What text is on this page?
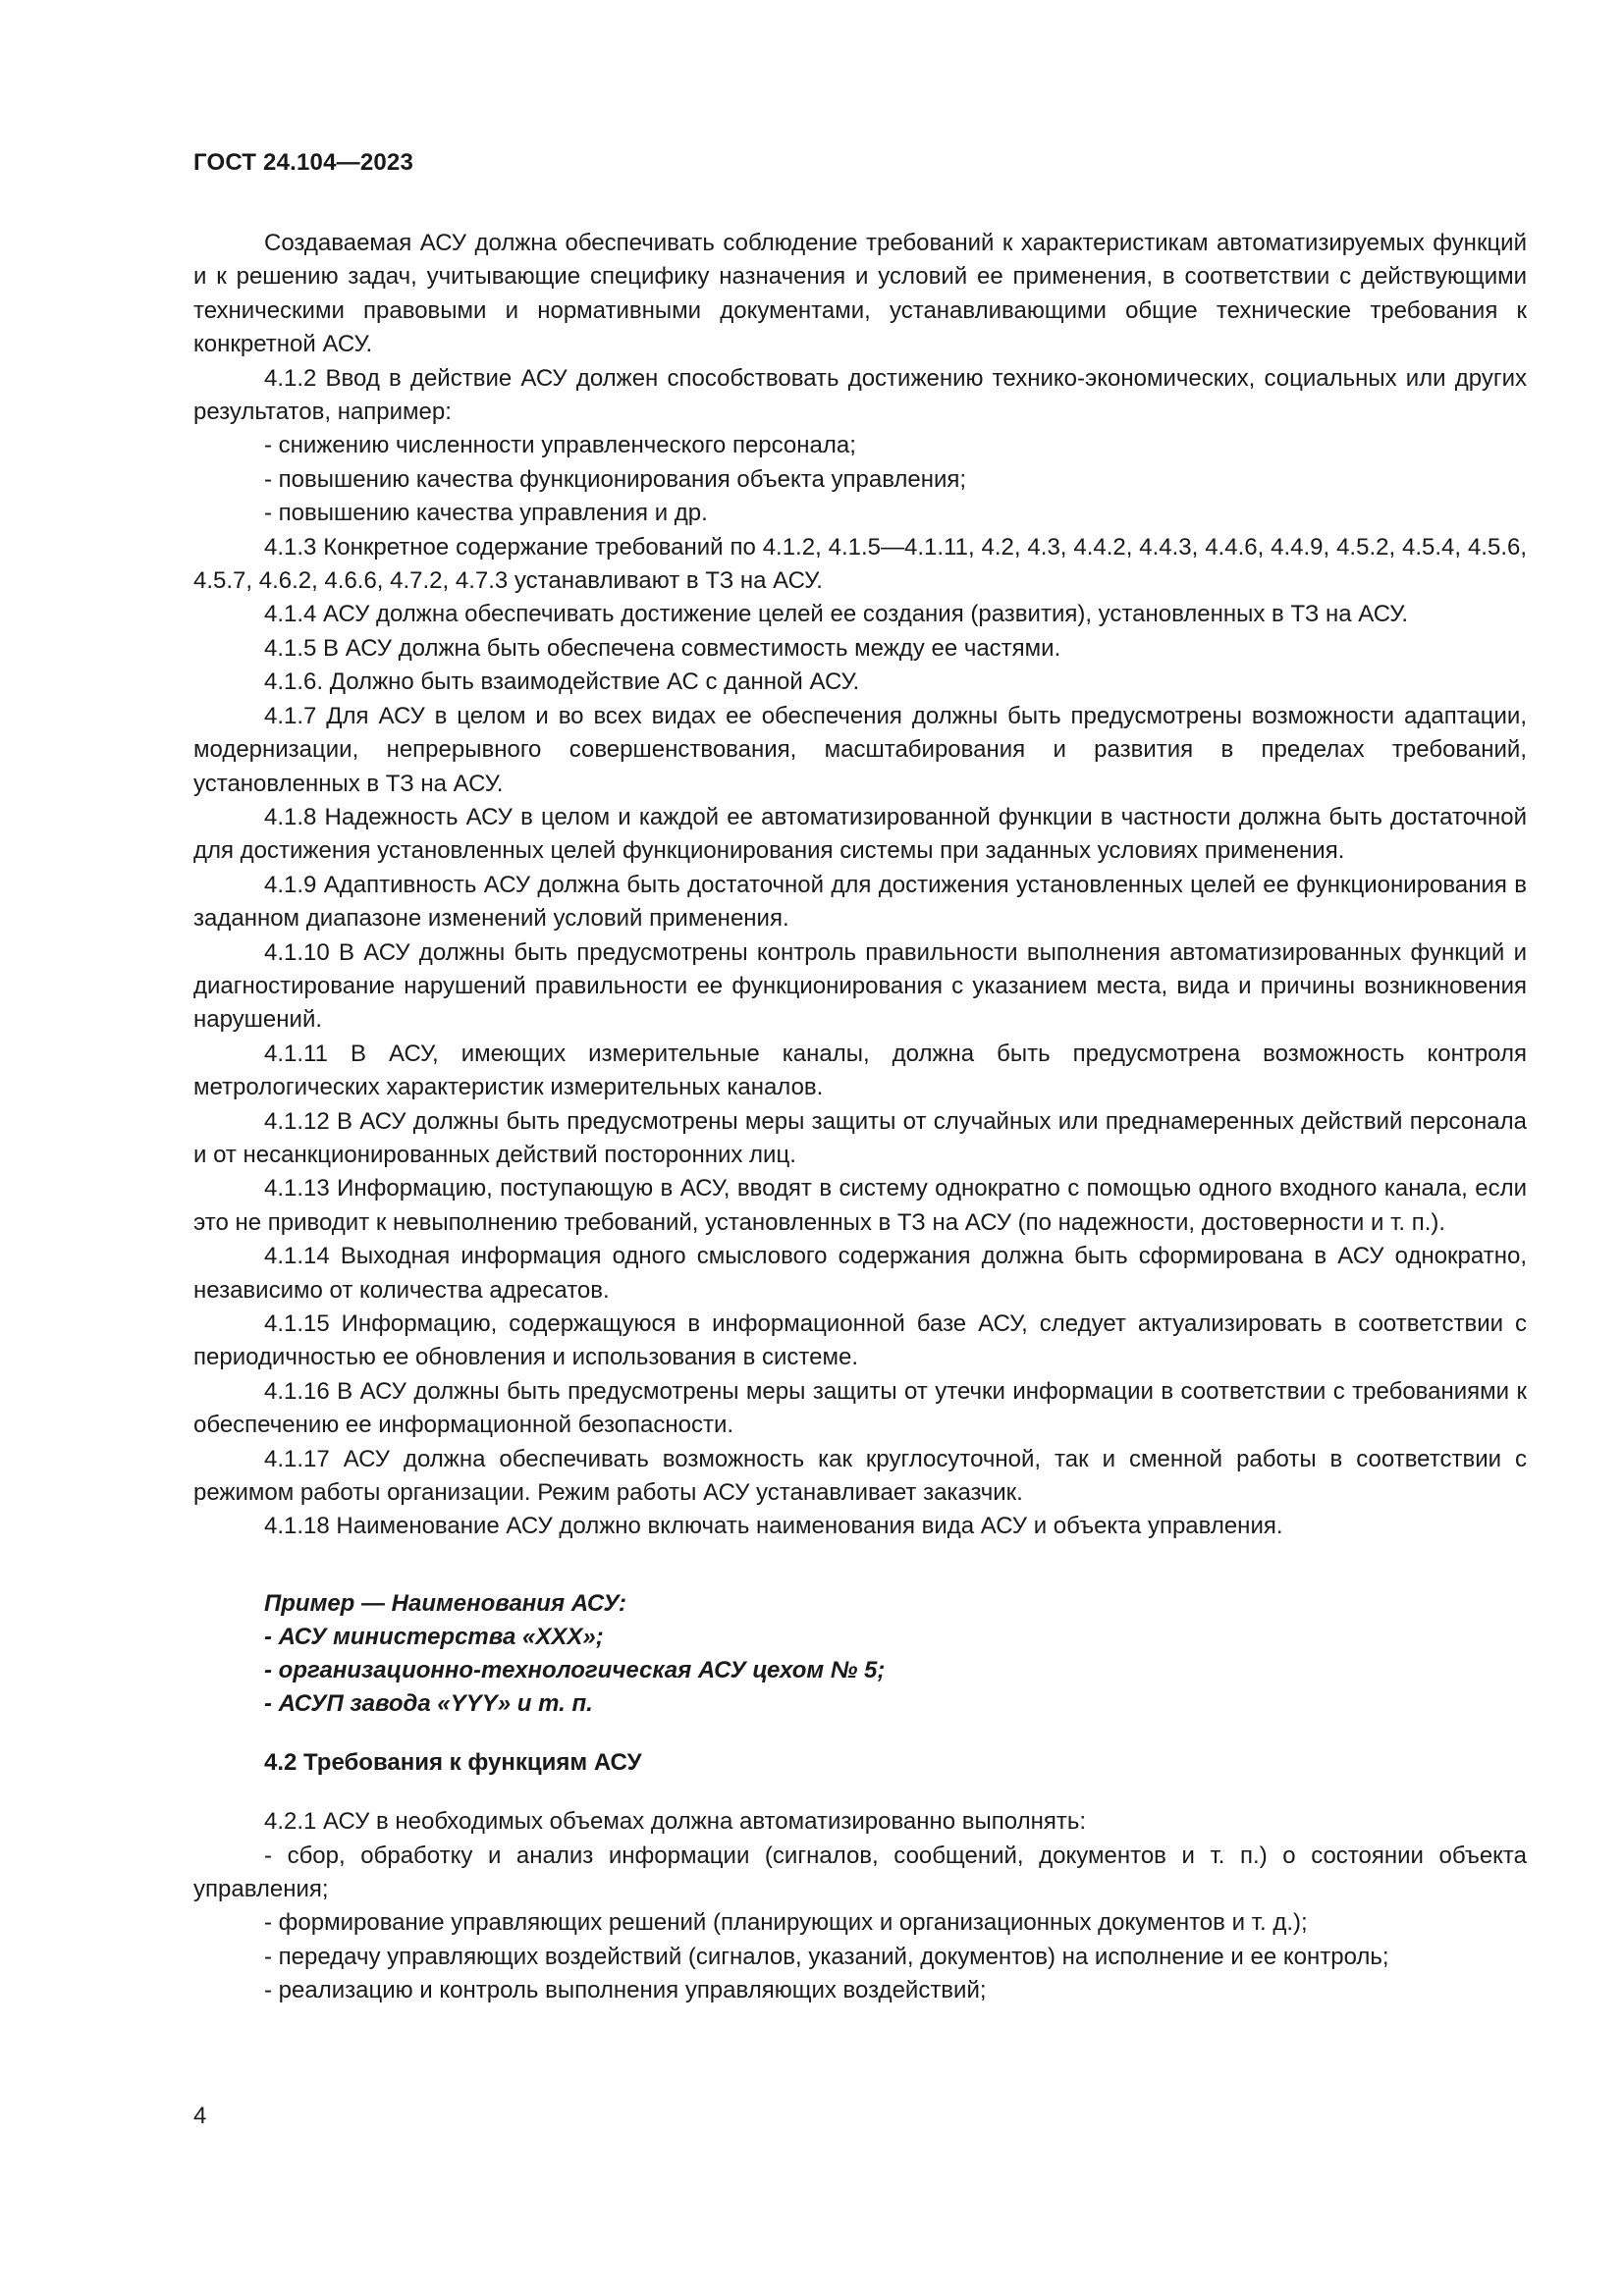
ГОСТ 24.104—2023

Создаваемая АСУ должна обеспечивать соблюдение требований к характеристикам автоматизируемых функций и к решению задач, учитывающие специфику назначения и условий ее применения, в соответствии с действующими техническими правовыми и нормативными документами, устанавливающими общие технические требования к конкретной АСУ.

4.1.2 Ввод в действие АСУ должен способствовать достижению технико-экономических, социальных или других результатов, например:

- снижению численности управленческого персонала;

- повышению качества функционирования объекта управления;

- повышению качества управления и др.

4.1.3 Конкретное содержание требований по 4.1.2, 4.1.5—4.1.11, 4.2, 4.3, 4.4.2, 4.4.3, 4.4.6, 4.4.9, 4.5.2, 4.5.4, 4.5.6, 4.5.7, 4.6.2, 4.6.6, 4.7.2, 4.7.3 устанавливают в ТЗ на АСУ.

4.1.4 АСУ должна обеспечивать достижение целей ее создания (развития), установленных в ТЗ на АСУ.

4.1.5 В АСУ должна быть обеспечена совместимость между ее частями.

4.1.6. Должно быть взаимодействие АС с данной АСУ.

4.1.7 Для АСУ в целом и во всех видах ее обеспечения должны быть предусмотрены возможности адаптации, модернизации, непрерывного совершенствования, масштабирования и развития в пределах требований, установленных в ТЗ на АСУ.

4.1.8 Надежность АСУ в целом и каждой ее автоматизированной функции в частности должна быть достаточной для достижения установленных целей функционирования системы при заданных условиях применения.

4.1.9 Адаптивность АСУ должна быть достаточной для достижения установленных целей ее функционирования в заданном диапазоне изменений условий применения.

4.1.10 В АСУ должны быть предусмотрены контроль правильности выполнения автоматизированных функций и диагностирование нарушений правильности ее функционирования с указанием места, вида и причины возникновения нарушений.

4.1.11 В АСУ, имеющих измерительные каналы, должна быть предусмотрена возможность контроля метрологических характеристик измерительных каналов.

4.1.12 В АСУ должны быть предусмотрены меры защиты от случайных или преднамеренных действий персонала и от несанкционированных действий посторонних лиц.

4.1.13 Информацию, поступающую в АСУ, вводят в систему однократно с помощью одного входного канала, если это не приводит к невыполнению требований, установленных в ТЗ на АСУ (по надежности, достоверности и т. п.).

4.1.14 Выходная информация одного смыслового содержания должна быть сформирована в АСУ однократно, независимо от количества адресатов.

4.1.15 Информацию, содержащуюся в информационной базе АСУ, следует актуализировать в соответствии с периодичностью ее обновления и использования в системе.

4.1.16 В АСУ должны быть предусмотрены меры защиты от утечки информации в соответствии с требованиями к обеспечению ее информационной безопасности.

4.1.17 АСУ должна обеспечивать возможность как круглосуточной, так и сменной работы в соответствии с режимом работы организации. Режим работы АСУ устанавливает заказчик.

4.1.18 Наименование АСУ должно включать наименования вида АСУ и объекта управления.

Пример — Наименования АСУ:
- АСУ министерства «XXX»;
- организационно-технологическая АСУ цехом № 5;
- АСУП завода «YYY» и т. п.
4.2 Требования к функциям АСУ

4.2.1 АСУ в необходимых объемах должна автоматизированно выполнять:

- сбор, обработку и анализ информации (сигналов, сообщений, документов и т. п.) о состоянии объекта управления;

- формирование управляющих решений (планирующих и организационных документов и т. д.);

- передачу управляющих воздействий (сигналов, указаний, документов) на исполнение и ее контроль;

- реализацию и контроль выполнения управляющих воздействий;

4
